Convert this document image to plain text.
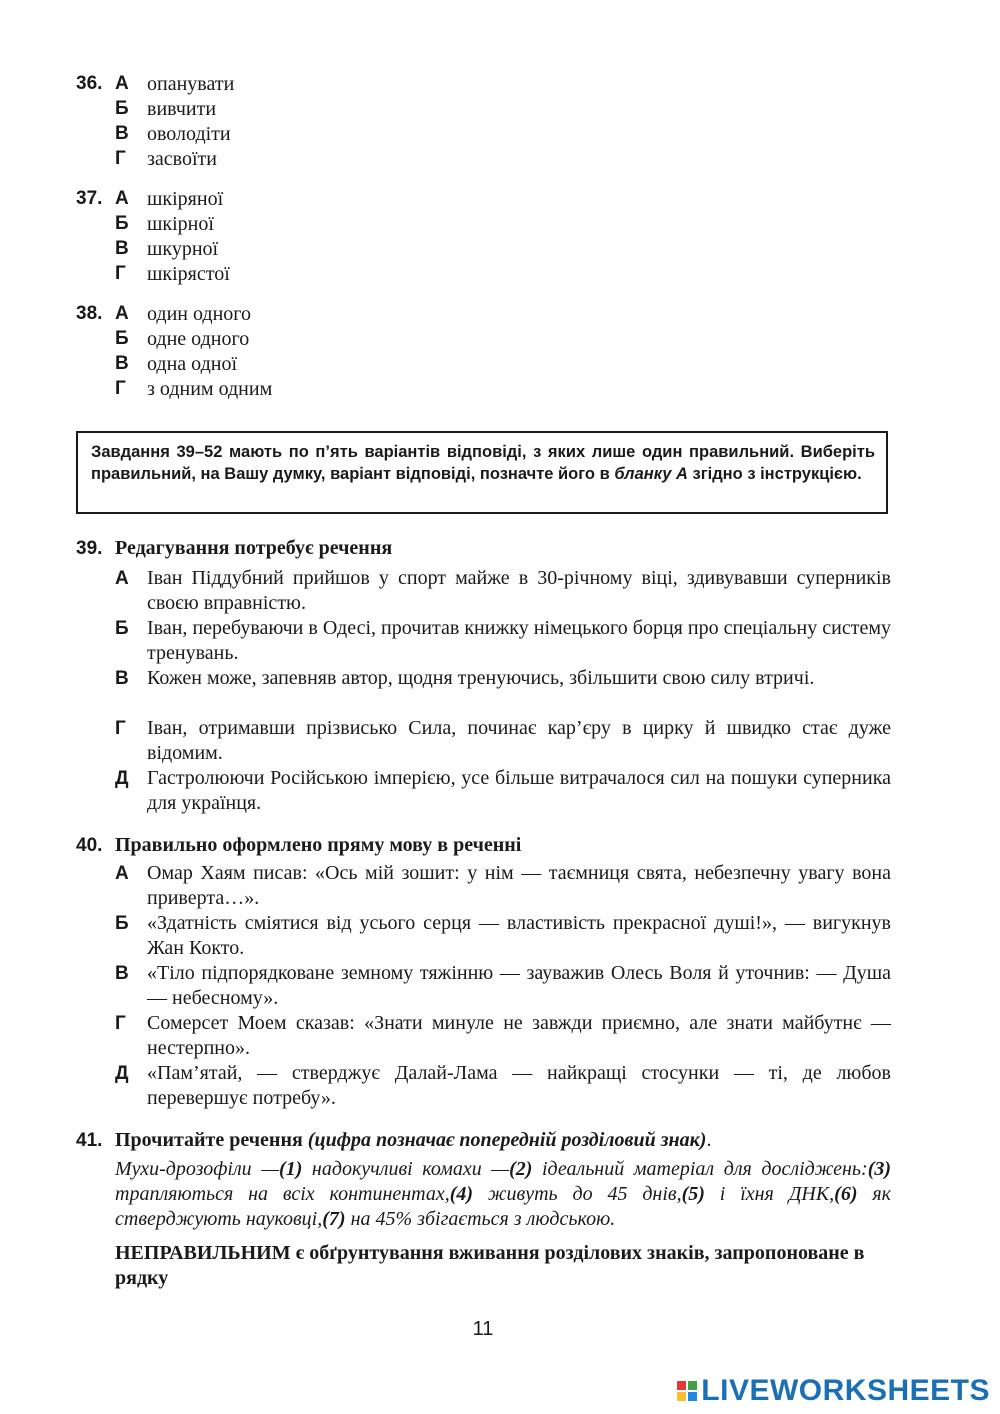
36. А опанувати
Б вивчити
В оволодіти
Г засвоїти
37. А шкіряної
Б шкірної
В шкурної
Г шкірястої
38. А один одного
Б одне одного
В одна одної
Г з одним одним
Завдання 39–52 мають по п’ять варіантів відповіді, з яких лише один правильний. Виберіть правильний, на Вашу думку, варіант відповіді, позначте його в бланку А згідно з інструкцією.
39. Редагування потребує речення
А Іван Піддубний прийшов у спорт майже в 30-річному віці, здивувавши суперників своєю вправністю.
Б Іван, перебуваючи в Одесі, прочитав книжку німецького борця про спеціальну систему тренувань.
В Кожен може, запевняв автор, щодня тренуючись, збільшити свою силу втричі.
Г Іван, отримавши прізвисько Сила, починає кар’єру в цирку й швидко стає дуже відомим.
Д Гастролюючи Російською імперією, усе більше витрачалося сил на пошуки суперника для українця.
40. Правильно оформлено пряму мову в реченні
А Омар Хаям писав: «Ось мій зошит: у нім — таємниця свята, небезпечну увагу вона приверта…».
Б «Здатність сміятися від усього серця — властивість прекрасної душі!», — вигукнув Жан Кокто.
В «Тіло підпорядковане земному тяжінню — зауважив Олесь Воля й уточнив: — Душа — небесному».
Г Сомерсет Моем сказав: «Знати минуле не завжди приємно, але знати майбутнє — нестерпно».
Д «Пам’ятай, — стверджує Далай-Лама — найкращі стосунки — ті, де любов перевершує потребу».
41. Прочитайте речення (цифра позначає попередній розділовий знак).
Мухи-дрозофіли —(1) надокучливі комахи —(2) ідеальний матеріал для досліджень:(3) трапляються на всіх континентах,(4) живуть до 45 днів,(5) і їхня ДНК,(6) як стверджують науковці,(7) на 45% збігається з людською.
НЕПРАВИЛЬНИМ є обґрунтування вживання розділових знаків, запропоноване в рядку
11
LIVEWORKSHEETS
